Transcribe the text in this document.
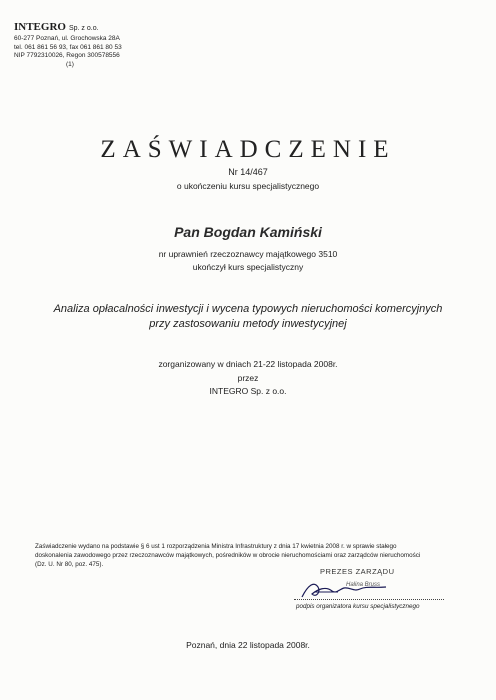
INTEGRO Sp. z o.o.
60-277 Poznań, ul. Grochowska 28A
tel. 061 861 56 93, fax 061 861 80 53
NIP 7792310026, Regon 300578556
(1)
ZAŚWIADCZENIE
Nr 14/467
o ukończeniu kursu specjalistycznego
Pan Bogdan Kamiński
nr uprawnień rzeczoznawcy majątkowego 3510
ukończył kurs specjalistyczny
Analiza opłacalności inwestycji i wycena typowych nieruchomości komercyjnych
przy zastosowaniu metody inwestycyjnej
zorganizowany w dniach 21-22 listopada 2008r.
przez
INTEGRO Sp. z o.o.
Zaświadczenie wydano na podstawie § 6 ust 1 rozporządzenia Ministra Infrastruktury z dnia 17 kwietnia 2008 r. w sprawie stałego
doskonalenia zawodowego przez rzeczoznawców majątkowych, pośredników w obrocie nieruchomościami oraz zarządców nieruchomości
(Dz. U. Nr 80, poz. 475).
PREZES ZARZĄDU
Halina Bruss
podpis organizatora kursu specjalistycznego
Poznań, dnia 22 listopada 2008r.
